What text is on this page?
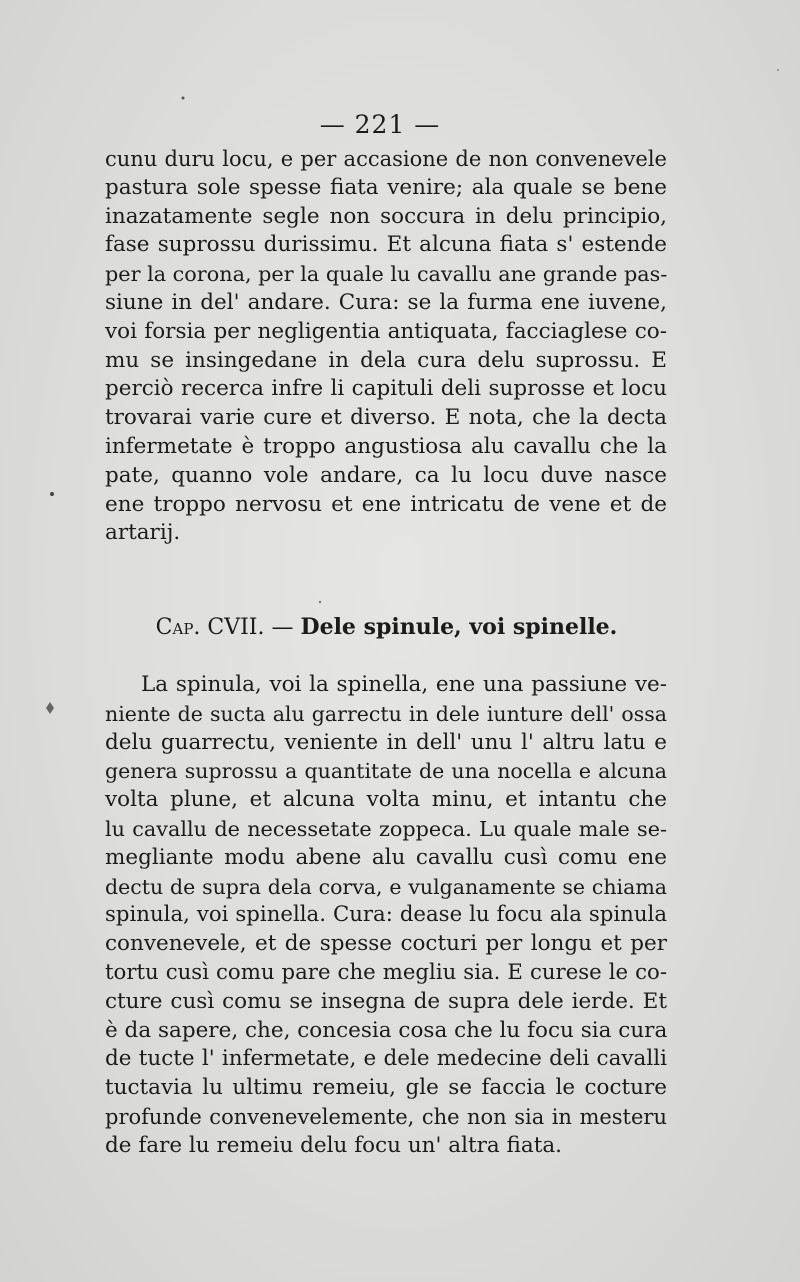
— 221 —
cunu duru locu, e per accasione de non convenevele
pastura sole spesse fiata venire; ala quale se bene
inazatamente segle non soccura in delu principio,
fase suprossu durissimu. Et alcuna fiata s' estende
per la corona, per la quale lu cavallu ane grande pas-
siune in del' andare. Cura: se la furma ene iuvene,
voi forsia per negligentia antiquata, facciaglese co-
mu se insingedane in dela cura delu suprossu. E
perciò recerca infre li capituli deli suprosse et locu
trovarai varie cure et diverso. E nota, che la decta
infermetate è troppo angustiosa alu cavallu che la
pate, quanno vole andare, ca lu locu duve nasce
ene troppo nervosu et ene intricatu de vene et de
artarij.
Cap. CVII. — Dele spinule, voi spinelle.
La spinula, voi la spinella, ene una passiune ve-
niente de sucta alu garrectu in dele iunture dell' ossa
delu guarrectu, veniente in dell' unu l' altru latu e
genera suprossu a quantitate de una nocella e alcuna
volta plune, et alcuna volta minu, et intantu che
lu cavallu de necessetate zoppeca. Lu quale male se-
megliante modu abene alu cavallu cusì comu ene
dectu de supra dela corva, e vulganamente se chiama
spinula, voi spinella. Cura: dease lu focu ala spinula
convenevele, et de spesse cocturi per longu et per
tortu cusì comu pare che megliu sia. E curese le co-
cture cusì comu se insegna de supra dele ierde. Et
è da sapere, che, concesia cosa che lu focu sia cura
de tucte l' infermetate, e dele medecine deli cavalli
tuctavia lu ultimu remeiu, gle se faccia le cocture
profunde convenevelemente, che non sia in mesteru
de fare lu remeiu delu focu un' altra fiata.
